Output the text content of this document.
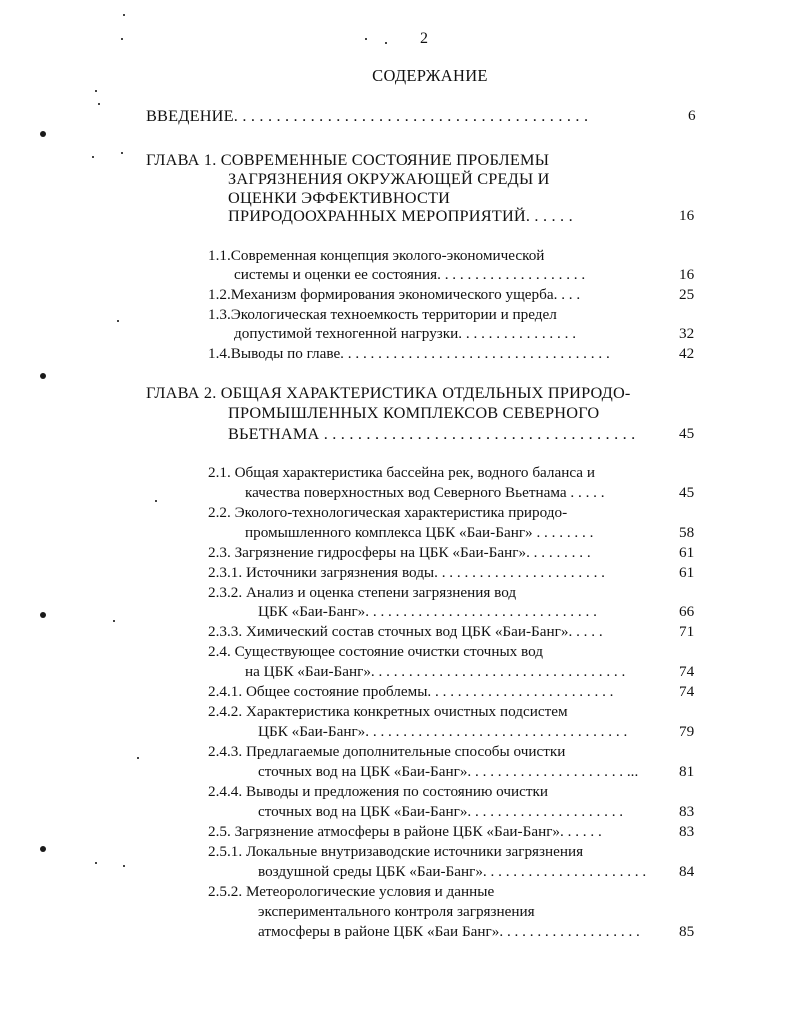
2
СОДЕРЖАНИЕ
ВВЕДЕНИЕ. . . . . . . . . . . . . . . . . . . . . . . . . . . . . . . . . . . . . . . . . .	6
ГЛАВА 1. СОВРЕМЕННЫЕ СОСТОЯНИЕ ПРОБЛЕМЫ
ЗАГРЯЗНЕНИЯ ОКРУЖАЮЩЕЙ СРЕДЫ И
ОЦЕНКИ ЭФФЕКТИВНОСТИ
ПРИРОДООХРАННЫХ МЕРОПРИЯТИЙ. . . . . .	16
1.1.Современная концепция эколого-экономической
системы и оценки ее состояния. . . . . . . . . . . . . . . . . . . .	16
1.2.Механизм формирования экономического ущерба. . . .	25
1.3.Экологическая техноемкость территории и предел
допустимой техногенной нагрузки. . . . . . . . . . . . . . . .	32
1.4.Выводы по главе. . . . . . . . . . . . . . . . . . . . . . . . . . . . . . . . . . . .	42
ГЛАВА 2. ОБЩАЯ ХАРАКТЕРИСТИКА ОТДЕЛЬНЫХ ПРИРОДО-
ПРОМЫШЛЕННЫХ КОМПЛЕКСОВ СЕВЕРНОГО
ВЬЕТНАМА . . . . . . . . . . . . . . . . . . . . . . . . . . . . . . . . . . . . .	45
2.1. Общая характеристика бассейна рек, водного баланса и
качества поверхностных вод Северного Вьетнама . . . . .	45
2.2. Эколого-технологическая характеристика природо-
промышленного комплекса ЦБК «Баи-Банг» . . . . . . . .	58
2.3. Загрязнение гидросферы на ЦБК «Баи-Банг». . . . . . . . .	61
2.3.1. Источники загрязнения воды. . . . . . . . . . . . . . . . . . . . . . .	61
2.3.2. Анализ и оценка степени загрязнения вод
ЦБК «Баи-Банг». . . . . . . . . . . . . . . . . . . . . . . . . . . . . . .	66
2.3.3. Химический состав сточных вод ЦБК «Баи-Банг». . . . .	71
2.4. Существующее состояние очистки сточных вод
на ЦБК «Баи-Банг». . . . . . . . . . . . . . . . . . . . . . . . . . . . . . . . . .	74
2.4.1. Общее состояние проблемы. . . . . . . . . . . . . . . . . . . . . . . . .	74
2.4.2. Характеристика конкретных очистных подсистем
ЦБК «Баи-Банг». . . . . . . . . . . . . . . . . . . . . . . . . . . . . . . . . . .	79
2.4.3. Предлагаемые дополнительные способы очистки
сточных вод на ЦБК «Баи-Банг». . . . . . . . . . . . . . . . . . . . . ...	81
2.4.4. Выводы и предложения по состоянию очистки
сточных вод на ЦБК «Баи-Банг». . . . . . . . . . . . . . . . . . . . .	83
2.5. Загрязнение атмосферы в районе ЦБК «Баи-Банг». . . . . .	83
2.5.1. Локальные внутризаводские источники загрязнения
воздушной среды ЦБК «Баи-Банг». . . . . . . . . . . . . . . . . . . . . . 84
2.5.2. Метеорологические условия и данные
экспериментального контроля загрязнения
атмосферы в районе ЦБК «Баи Банг». . . . . . . . . . . . . . . . . . .	85
